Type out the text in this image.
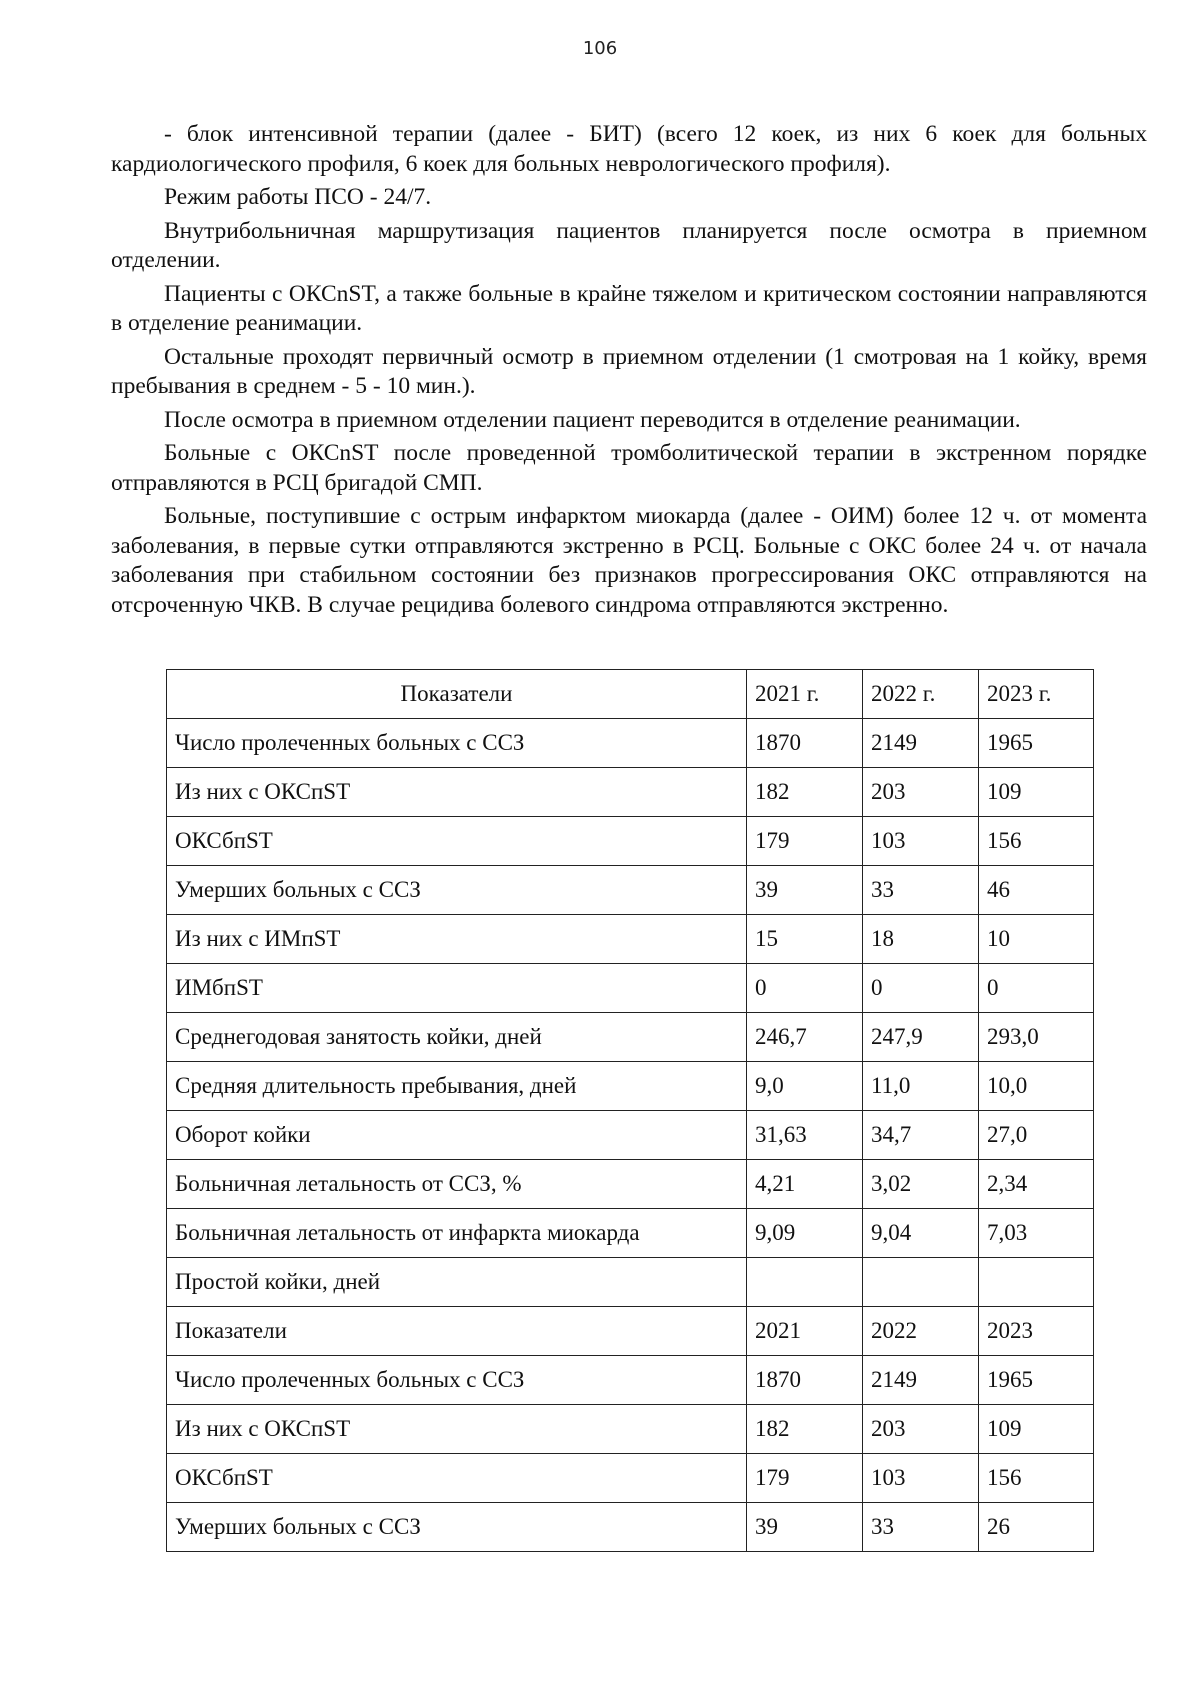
106

- блок интенсивной терапии (далее - БИТ) (всего 12 коек, из них 6 коек для больных кардиологического профиля, 6 коек для больных неврологического профиля).

Режим работы ПСО - 24/7.

Внутрибольничная маршрутизация пациентов планируется после осмотра в приемном отделении.

Пациенты с ОКСnST, а также больные в крайне тяжелом и критическом состоянии направляются в отделение реанимации.

Остальные проходят первичный осмотр в приемном отделении (1 смотровая на 1 койку, время пребывания в среднем - 5 - 10 мин.).

После осмотра в приемном отделении пациент переводится в отделение реанимации.

Больные с ОКСnST после проведенной тромболитической терапии в экстренном порядке отправляются в РСЦ бригадой СМП.

Больные, поступившие с острым инфарктом миокарда (далее - ОИМ) более 12 ч. от момента заболевания, в первые сутки отправляются экстренно в РСЦ. Больные с ОКС более 24 ч. от начала заболевания при стабильном состоянии без признаков прогрессирования ОКС отправляются на отсроченную ЧКВ. В случае рецидива болевого синдрома отправляются экстренно.

Показатели	2021 г.	2022 г.	2023 г.
Число пролеченных больных с ССЗ	1870	2149	1965
Из них с ОКСпST	182	203	109
ОКСбпST	179	103	156
Умерших больных с ССЗ	39	33	46
Из них с ИМпST	15	18	10
ИМбпST	0	0	0
Среднегодовая занятость койки, дней	246,7	247,9	293,0
Средняя длительность пребывания, дней	9,0	11,0	10,0
Оборот койки	31,63	34,7	27,0
Больничная летальность от ССЗ, %	4,21	3,02	2,34
Больничная летальность от инфаркта миокарда	9,09	9,04	7,03
Простой койки, дней			
Показатели	2021	2022	2023
Число пролеченных больных с ССЗ	1870	2149	1965
Из них с ОКСпST	182	203	109
ОКСбпST	179	103	156
Умерших больных с ССЗ	39	33	26
